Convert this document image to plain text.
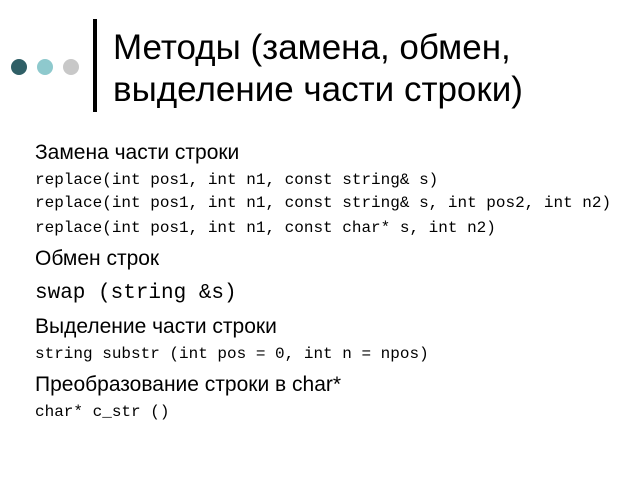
Методы (замена, обмен, выделение части строки)

Замена части строки

replace(int pos1, int n1, const string& s)

replace(int pos1, int n1, const string& s, int pos2, int n2)

replace(int pos1, int n1, const char* s, int n2)

Обмен строк

swap (string &s)

Выделение части строки

string substr (int pos = 0, int n = npos)

Преобразование строки в char*

char* c_str ()
